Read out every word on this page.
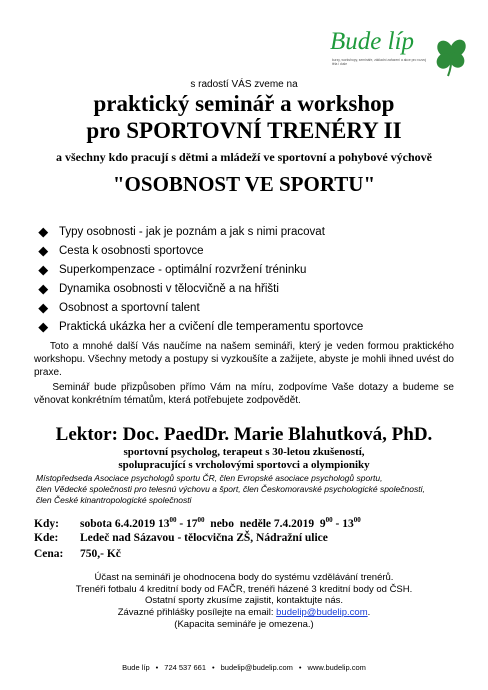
Bude líp
kurzy, workshopy, semináře, základní zařazení a akce pro rozvoj těla i duše
s radostí VÁS zveme na
praktický seminář a workshop
pro SPORTOVNÍ TRENÉRY II
a všechny kdo pracují s dětmi a mládeží ve sportovní a pohybové výchově
"OSOBNOST VE SPORTU"
Typy osobnosti - jak je poznám a jak s nimi pracovat
Cesta k osobnosti sportovce
Superkompenzace - optimální rozvržení tréninku
Dynamika osobnosti v tělocvičně a na hřišti
Osobnost a sportovní talent
Praktická ukázka her a cvičení dle temperamentu sportovce
Toto a mnohé další Vás naučíme na našem semináři, který je veden formou praktického workshopu. Všechny metody a postupy si vyzkoušíte a zažijete, abyste je mohli ihned uvést do praxe.
Seminář bude přizpůsoben přímo Vám na míru, zodpovíme Vaše dotazy a budeme se věnovat konkrétním tématům, která potřebujete zodpovědět.
Lektor: Doc. PaedDr. Marie Blahutková, PhD.
sportovní psycholog, terapeut s 30-letou zkušeností,
spolupracující s vrcholovými sportovci a olympioniky
Místopředseda Asociace psychologů sportu ČR, člen Evropské asociace psychologů sportu,
člen Vědecké společnosti pro telesnú výchovu a šport, člen Českomoravské psychologické společnosti,
člen České kinantropologické společnosti
Kdy: sobota 6.4.2019 $13^{00} - 17^{00}$  nebo  neděle 7.4.2019  $9^{00} - 13^{00}$
Kde: Ledeč nad Sázavou - tělocvična ZŠ, Nádražní ulice
Cena: 750,- Kč
Účast na semináři je ohodnocena body do systému vzdělávání trenérů.
Trenéři fotbalu 4 kreditní body od FAČR, trenéři házené 3 kreditní body od ČSH.
Ostatní sporty zkusíme zajistit, kontaktujte nás.
Závazné přihlášky posílejte na email: budelip@budelip.com.
(Kapacita semináře je omezena.)
Bude líp • 724 537 661 • budelip@budelip.com • www.budelip.com
